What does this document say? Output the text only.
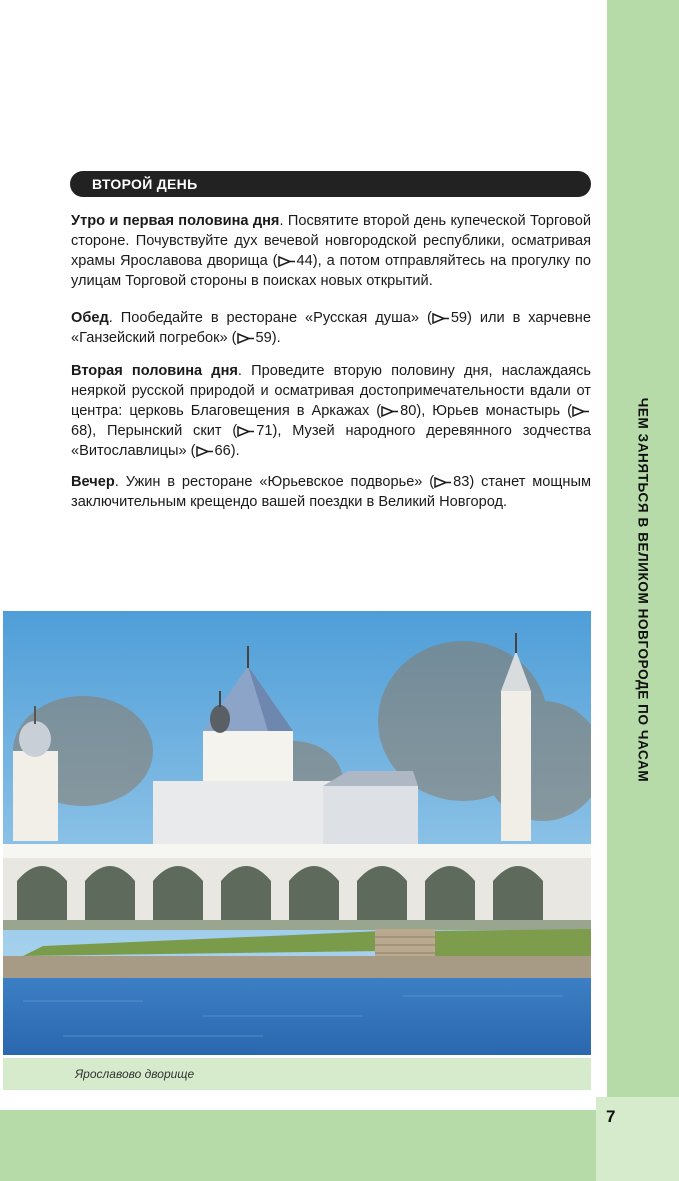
ЧЕМ ЗАНЯТЬСЯ В ВЕЛИКОМ НОВГОРОДЕ ПО ЧАСАМ
ВТОРОЙ ДЕНЬ

Утро и первая половина дня. Посвятите второй день купеческой Торговой стороне. Почувствуйте дух вечевой новгородской республики, осматривая храмы Ярославова дворища ( 44), а потом отправляйтесь на прогулку по улицам Торговой стороны в поисках новых открытий.

Обед. Пообедайте в ресторане «Русская душа» ( 59) или в харчевне «Ганзейский погребок» ( 59).

Вторая половина дня. Проведите вторую половину дня, наслаждаясь неяркой русской природой и осматривая достопримечательности вдали от центра: церковь Благовещения в Аркажах ( 80), Юрьев монастырь (68), Перынский скит ( 71), Музей народного деревянного зодчества «Витославлицы» ( 66).

Вечер. Ужин в ресторане «Юрьевское подворье» ( 83) станет мощным заключительным крещендо вашей поездки в Великий Новгород.

Ярославово дворище
7
